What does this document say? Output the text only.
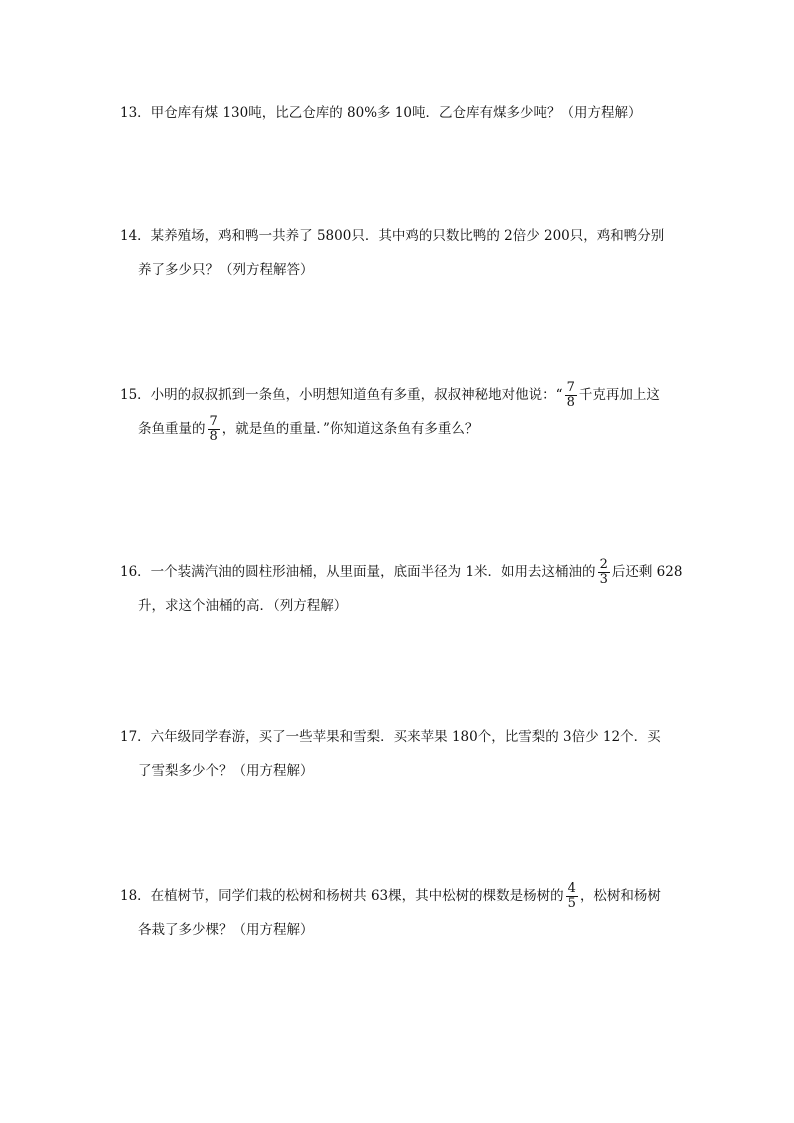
13．甲仓库有煤 130吨，比乙仓库的 80%多 10吨．乙仓库有煤多少吨？（用方程解）
14．某养殖场，鸡和鸭一共养了 5800只．其中鸡的只数比鸭的 2倍少 200只，鸡和鸭分别
养了多少只？（列方程解答）
15．小明的叔叔抓到一条鱼，小明想知道鱼有多重，叔叔神秘地对他说：“ $\frac{7}{8}$ 千克再加上这
条鱼重量的 $\frac{7}{8}$ ，就是鱼的重量．”你知道这条鱼有多重么？
16．一个装满汽油的圆柱形油桶，从里面量，底面半径为 1米．如用去这桶油的 $\frac{2}{3}$ 后还剩 628
升，求这个油桶的高．（列方程解）
17．六年级同学春游，买了一些苹果和雪梨．买来苹果 180个，比雪梨的 3倍少 12个．买
了雪梨多少个？（用方程解）
18．在植树节，同学们栽的松树和杨树共 63棵，其中松树的棵数是杨树的 $\frac{4}{5}$ ，松树和杨树
各栽了多少棵？（用方程解）
